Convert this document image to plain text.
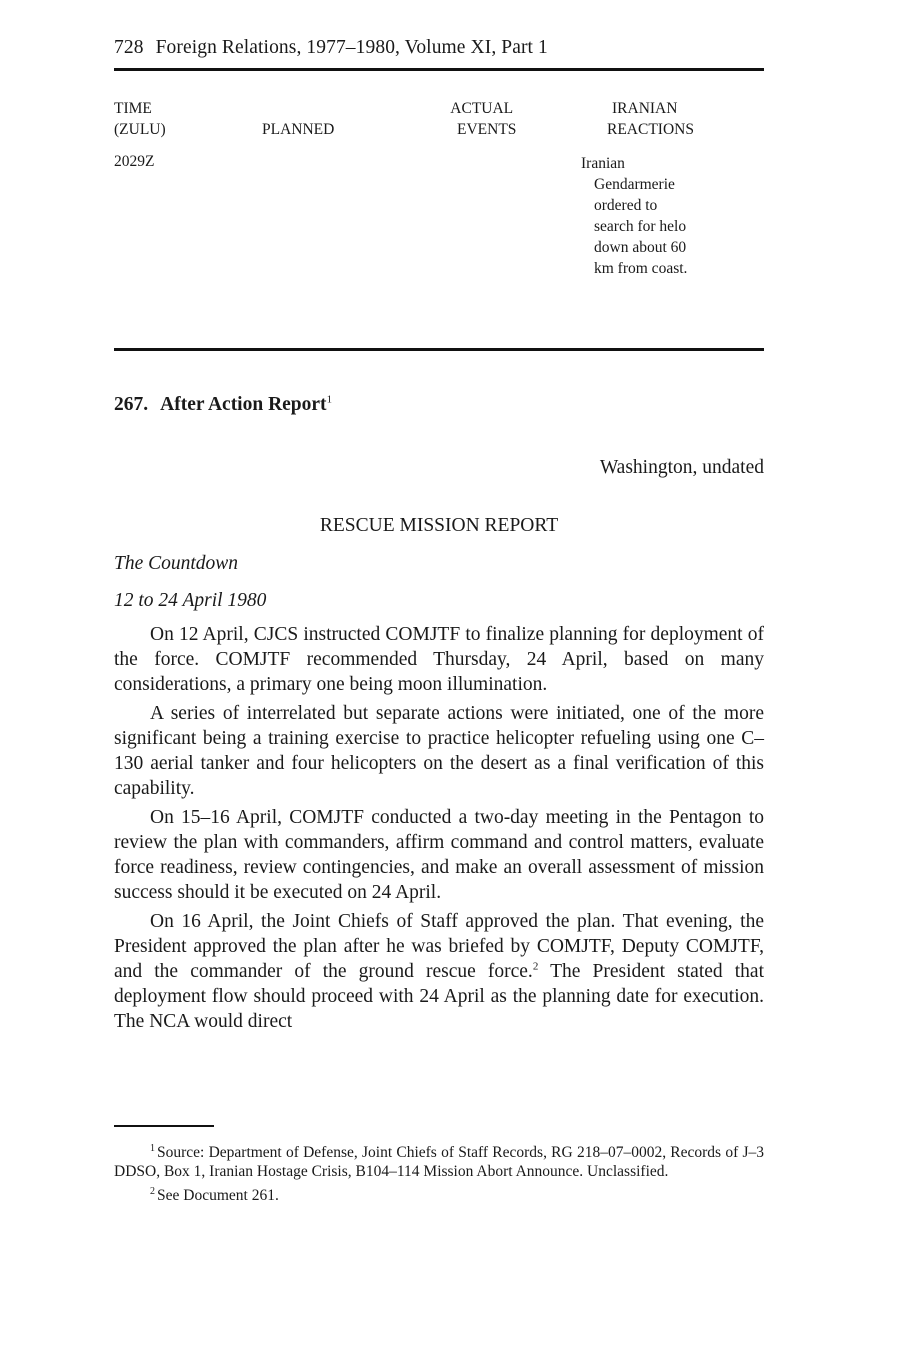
728 Foreign Relations, 1977–1980, Volume XI, Part 1
TIME
(ZULU)	PLANNED
ACTUAL
EVENTS
IRANIAN
REACTIONS
2029Z	Iranian
Gendarmerie
ordered to
search for helo
down about 60
km from coast.
267. After Action Report$^1$
Washington, undated
RESCUE MISSION REPORT
The Countdown
12 to 24 April 1980

On 12 April, CJCS instructed COMJTF to finalize planning for deployment of the force. COMJTF recommended Thursday, 24 April, based on many considerations, a primary one being moon illumination.

A series of interrelated but separate actions were initiated, one of the more significant being a training exercise to practice helicopter refueling using one C–130 aerial tanker and four helicopters on the desert as a final verification of this capability.

On 15–16 April, COMJTF conducted a two-day meeting in the Pentagon to review the plan with commanders, affirm command and control matters, evaluate force readiness, review contingencies, and make an overall assessment of mission success should it be executed on 24 April.

On 16 April, the Joint Chiefs of Staff approved the plan. That evening, the President approved the plan after he was briefed by COMJTF, Deputy COMJTF, and the commander of the ground rescue force.$^2$ The President stated that deployment flow should proceed with 24 April as the planning date for execution. The NCA would direct

$^1$ Source: Department of Defense, Joint Chiefs of Staff Records, RG 218–07–0002, Records of J–3 DDSO, Box 1, Iranian Hostage Crisis, B104–114 Mission Abort Announce. Unclassified.

$^2$ See Document 261.
